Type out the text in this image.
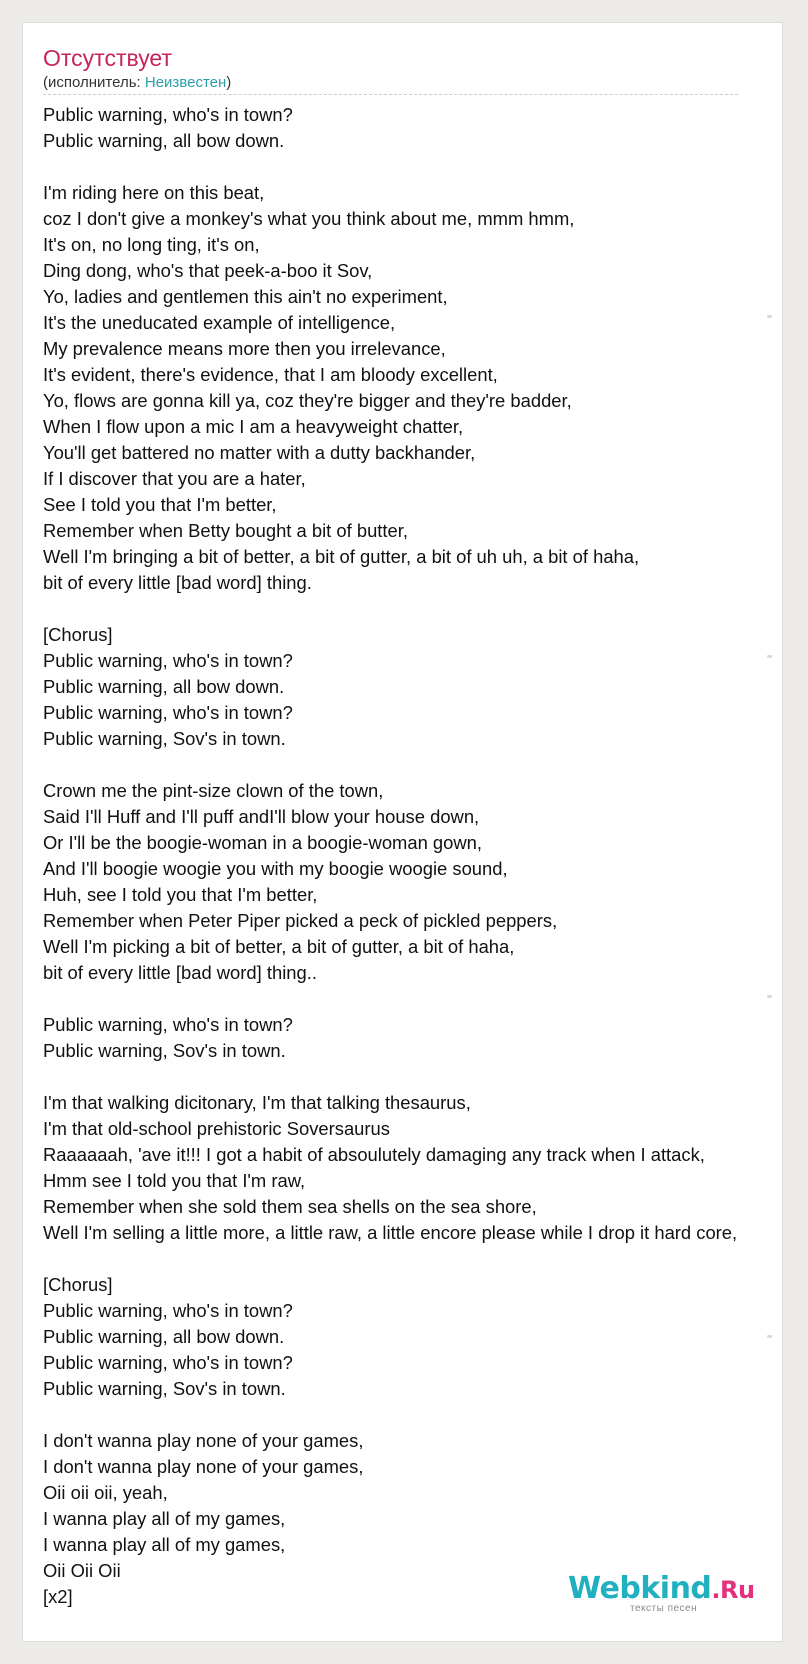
Отсутствует
(исполнитель: Неизвестен)
Public warning, who's in town?
Public warning, all bow down.
I'm riding here on this beat,
coz I don't give a monkey's what you think about me, mmm hmm,
It's on, no long ting, it's on,
Ding dong, who's that peek-a-boo it Sov,
Yo, ladies and gentlemen this ain't no experiment,
It's the uneducated example of intelligence,
My prevalence means more then you irrelevance,
It's evident, there's evidence, that I am bloody excellent,
Yo, flows are gonna kill ya, coz they're bigger and they're badder,
When I flow upon a mic I am a heavyweight chatter,
You'll get battered no matter with a dutty backhander,
If I discover that you are a hater,
See I told you that I'm better,
Remember when Betty bought a bit of butter,
Well I'm bringing a bit of better, a bit of gutter, a bit of uh uh, a bit of haha,
bit of every little [bad word] thing.
[Chorus]
Public warning, who's in town?
Public warning, all bow down.
Public warning, who's in town?
Public warning, Sov's in town.
Crown me the pint-size clown of the town,
Said I'll Huff and I'll puff andI'll blow your house down,
Or I'll be the boogie-woman in a boogie-woman gown,
And I'll boogie woogie you with my boogie woogie sound,
Huh, see I told you that I'm better,
Remember when Peter Piper picked a peck of pickled peppers,
Well I'm picking a bit of better, a bit of gutter, a bit of haha,
bit of every little [bad word] thing..
Public warning, who's in town?
Public warning, Sov's in town.
I'm that walking dicitonary, I'm that talking thesaurus,
I'm that old-school prehistoric Soversaurus
Raaaaaah, 'ave it!!! I got a habit of absoulutely damaging any track when I attack,
Hmm see I told you that I'm raw,
Remember when she sold them sea shells on the sea shore,
Well I'm selling a little more, a little raw, a little encore please while I drop it hard core,
[Chorus]
Public warning, who's in town?
Public warning, all bow down.
Public warning, who's in town?
Public warning, Sov's in town.
I don't wanna play none of your games,
I don't wanna play none of your games,
Oii oii oii, yeah,
I wanna play all of my games,
I wanna play all of my games,
Oii Oii Oii
[x2]	Webkind.Ru
тексты песен
